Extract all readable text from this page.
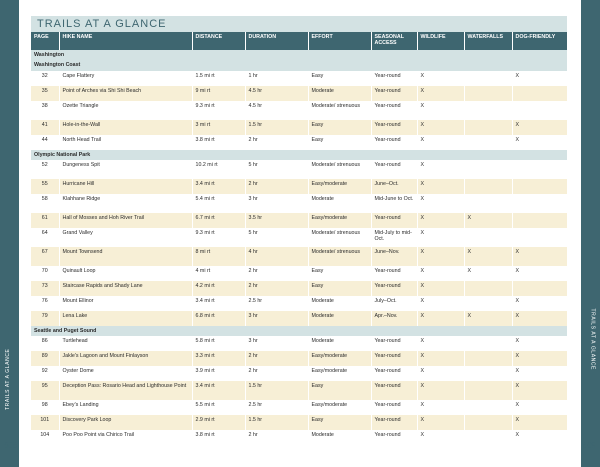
TRAILS AT A GLANCE
TRAILS AT A GLANCE
608	609
TRAILS AT A GLANCE
PAGE	HIKE NAME	DISTANCE	DURATION	EFFORT	SEASONAL ACCESS	WILDLIFE	WATERFALLS	DOG-FRIENDLY
Washington								
Washington Coast								
32	Cape Flattery	1.5 mi rt	1 hr	Easy	Year-round	X		X
35	Point of Arches via Shi Shi Beach	9 mi rt	4.5 hr	Moderate	Year-round	X		
38	Ozette Triangle	9.3 mi rt	4.5 hr	Moderate/ strenuous	Year-round	X		
41	Hole-in-the-Wall	3 mi rt	1.5 hr	Easy	Year-round	X		X
44	North Head Trail	3.8 mi rt	2 hr	Easy	Year-round	X		X
Olympic National Park								
52	Dungeness Spit	10.2 mi rt	5 hr	Moderate/ strenuous	Year-round	X		
55	Hurricane Hill	3.4 mi rt	2 hr	Easy/moderate	June–Oct.	X		
58	Klahhane Ridge	5.4 mi rt	3 hr	Moderate	Mid-June to Oct.	X		
61	Hall of Mosses and Hoh River Trail	6.7 mi rt	3.5 hr	Easy/moderate	Year-round	X	X	
64	Grand Valley	9.3 mi rt	5 hr	Moderate/ strenuous	Mid-July to mid-Oct.	X		
67	Mount Townsend	8 mi rt	4 hr	Moderate/ strenuous	June–Nov.	X	X	X
70	Quinault Loop	4 mi rt	2 hr	Easy	Year-round	X	X	X
73	Staircase Rapids and Shady Lane	4.2 mi rt	2 hr	Easy	Year-round	X		
76	Mount Ellinor	3.4 mi rt	2.5 hr	Moderate	July–Oct.	X		X
79	Lena Lake	6.8 mi rt	3 hr	Moderate	Apr.–Nov.	X	X	X
Seattle and Puget Sound								
86	Turtlehead	5.8 mi rt	3 hr	Moderate	Year-round	X		X
89	Jakle's Lagoon and Mount Finlayson	3.3 mi rt	2 hr	Easy/moderate	Year-round	X		X
92	Oyster Dome	3.9 mi rt	2 hr	Easy/moderate	Year-round	X		X
95	Deception Pass: Rosario Head and Lighthouse Point	3.4 mi rt	1.5 hr	Easy	Year-round	X		X
98	Ebey's Landing	5.5 mi rt	2.5 hr	Easy/moderate	Year-round	X		X
101	Discovery Park Loop	2.9 mi rt	1.5 hr	Easy	Year-round	X		X
104	Poo Poo Point via Chirico Trail	3.8 mi rt	2 hr	Moderate	Year-round	X		X
